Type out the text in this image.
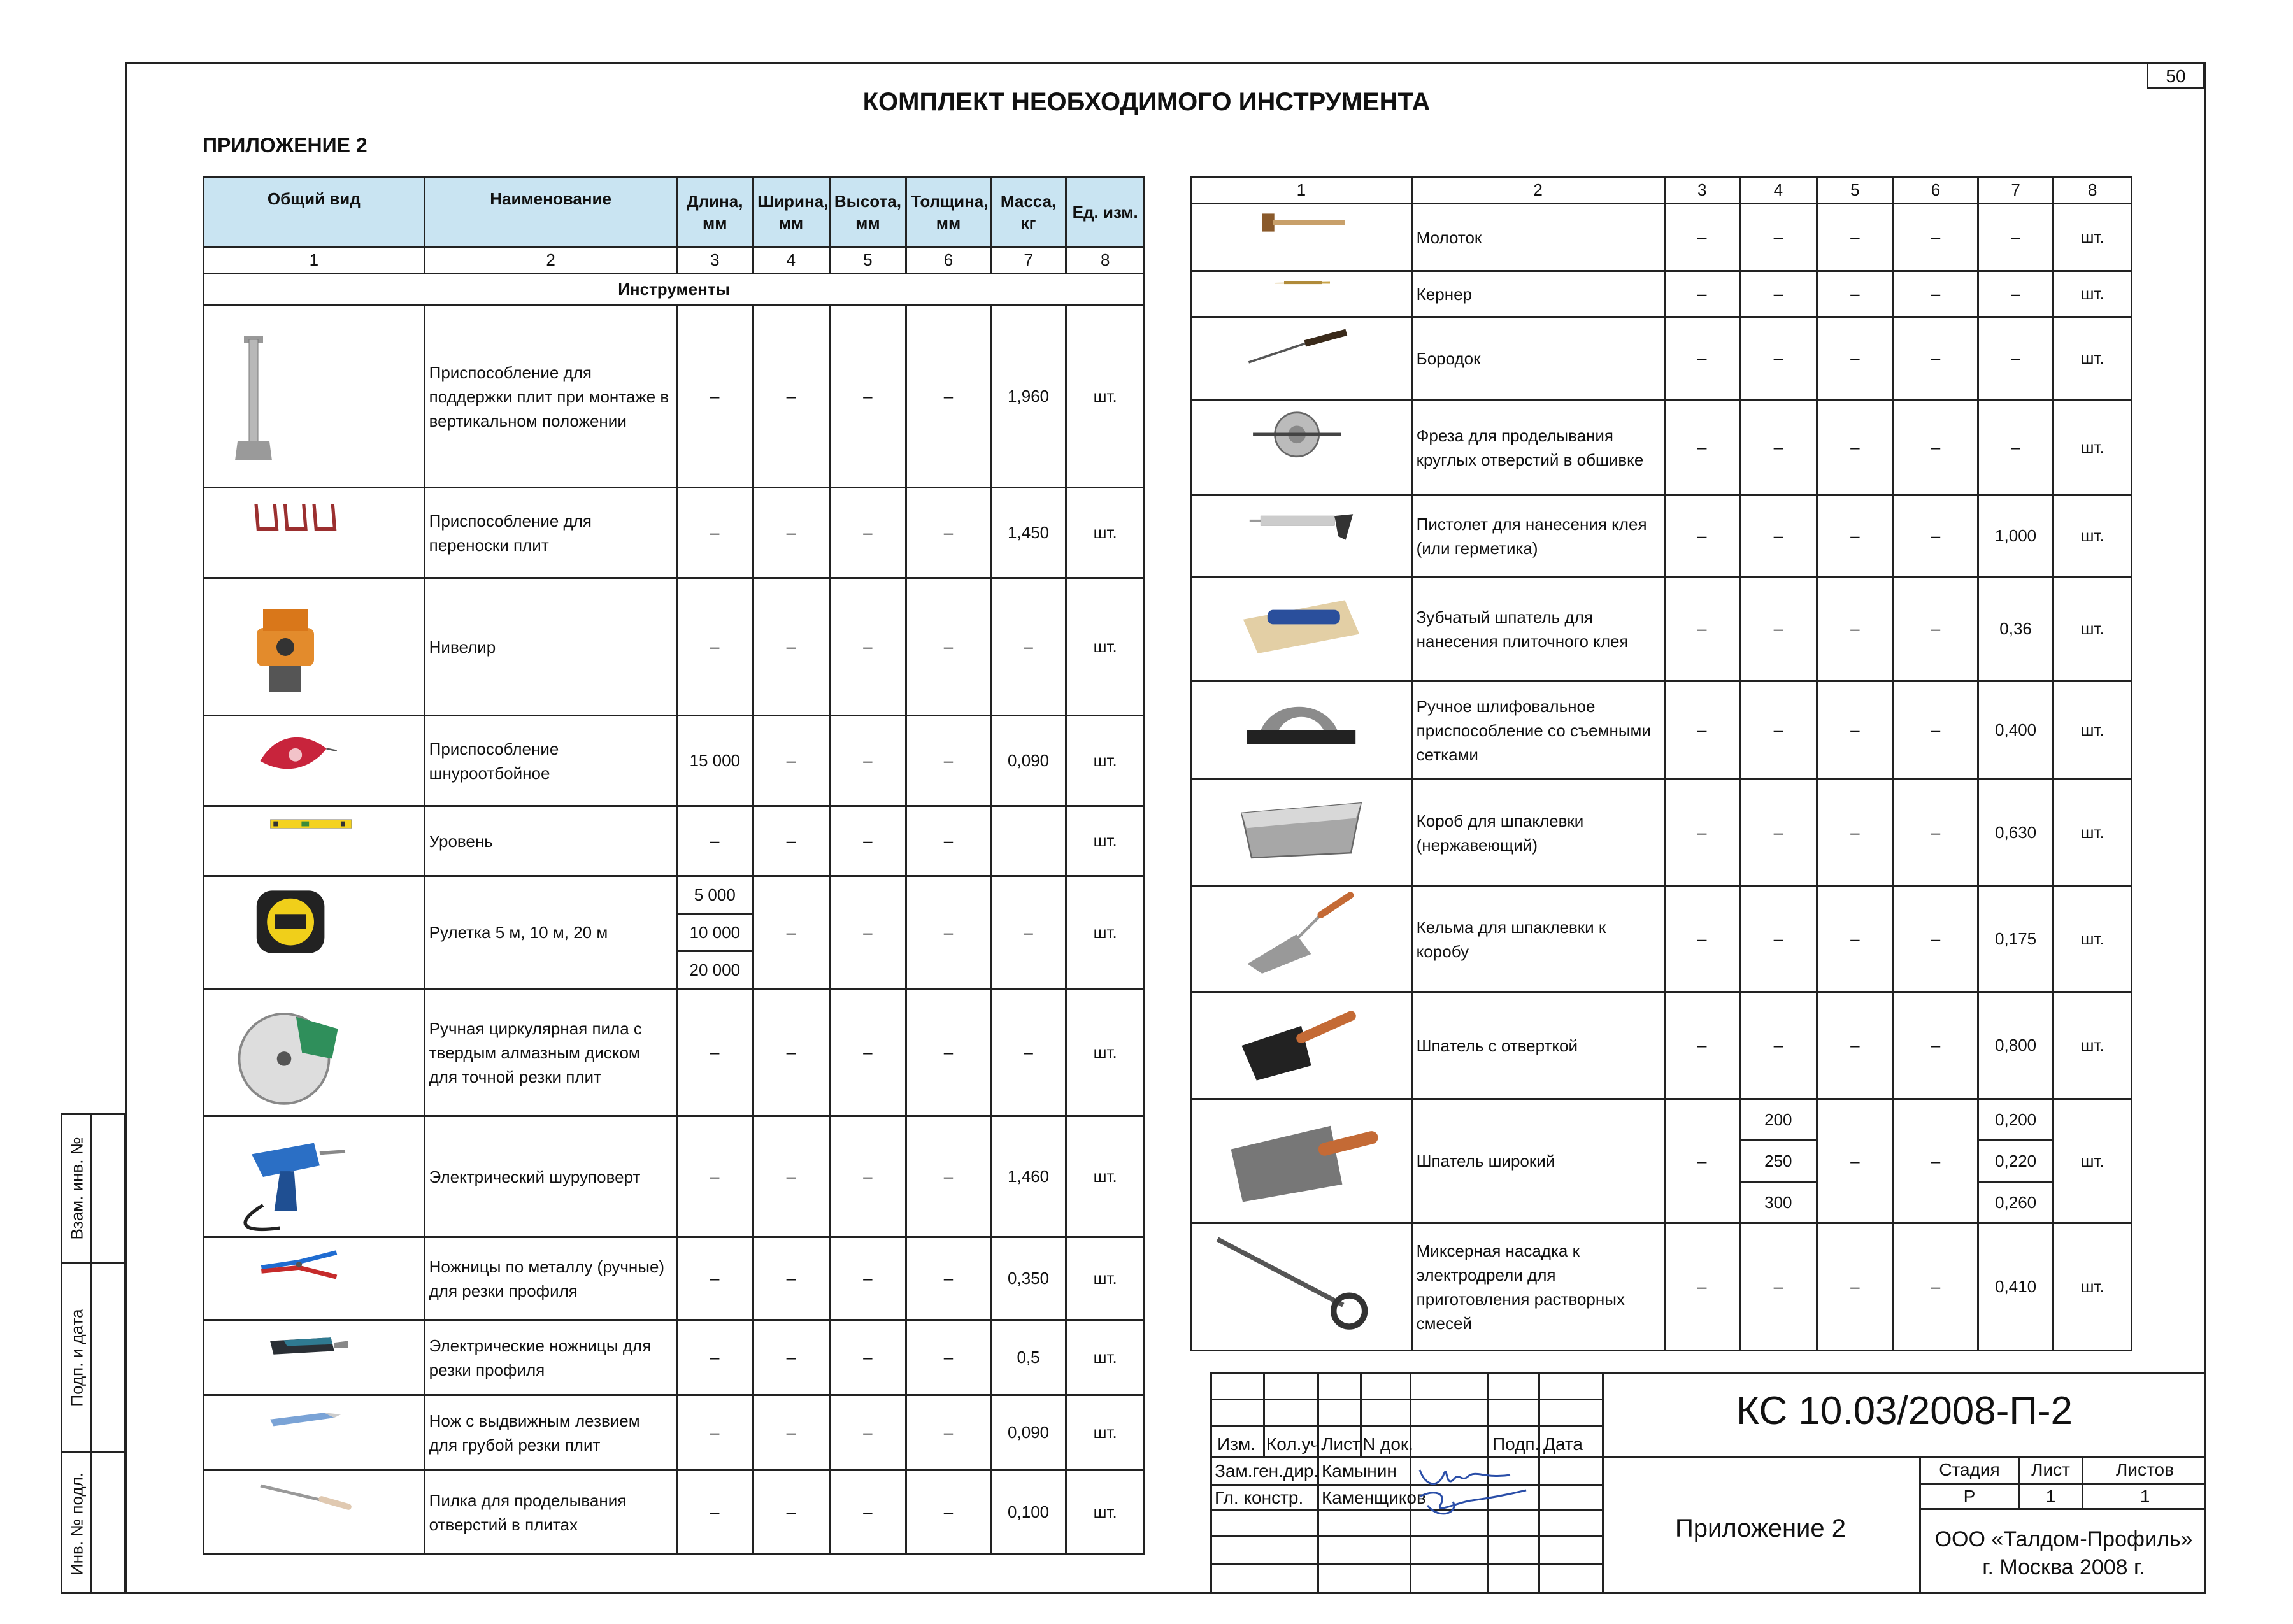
50
КОМПЛЕКТ НЕОБХОДИМОГО ИНСТРУМЕНТА
ПРИЛОЖЕНИЕ 2
Общий вид	Наименование	Длина, мм	Ширина, мм	Высота, мм	Толщина, мм	Масса, кг	Ед. изм.
1	2	3	4	5	6	7	8
Инструменты							

	Приспособление для поддержки плит при монтаже в вертикальном положении	–	–	–	–	1,960	шт.

	Приспособление для переноски плит	–	–	–	–	1,450	шт.

	Нивелир	–	–	–	–	–	шт.

	Приспособление шнуроотбойное	15 000	–	–	–	0,090	шт.

	Уровень	–	–	–	–		шт.

	Рулетка 5 м, 10 м, 20 м	5 000	–	–	–	–	шт.
		10 000					
		20 000					

	Ручная циркулярная пила с твердым алмазным диском для точной резки плит	–	–	–	–	–	шт.

	Электрический шуруповерт	–	–	–	–	1,460	шт.

	Ножницы по металлу (ручные) для резки профиля	–	–	–	–	0,350	шт.

	Электрические ножницы для резки профиля	–	–	–	–	0,5	шт.

	Нож с выдвижным лезвием для грубой резки плит	–	–	–	–	0,090	шт.

	Пилка для проделывания отверстий в плитах	–	–	–	–	0,100	шт.
1	2	3	4	5	6	7	8

	Молоток	–	–	–	–	–	шт.

	Кернер	–	–	–	–	–	шт.

	Бородок	–	–	–	–	–	шт.

	Фреза для проделывания круглых отверстий в обшивке	–	–	–	–	–	шт.

	Пистолет для нанесения клея (или герметика)	–	–	–	–	1,000	шт.

	Зубчатый шпатель для нанесения плиточного клея	–	–	–	–	0,36	шт.

	Ручное шлифовальное приспособление со съемными сетками	–	–	–	–	0,400	шт.

	Короб для шпаклевки (нержавеющий)	–	–	–	–	0,630	шт.

	Кельма для шпаклевки к коробу	–	–	–	–	0,175	шт.

	Шпатель с отверткой	–	–	–	–	0,800	шт.

	Шпатель широкий	–	200	–	–	0,200	шт.
			250			0,220	
			300			0,260	

	Миксерная насадка к электродрели для приготовления растворных смесей	–	–	–	–	0,410	шт.
Взам. инв. №
Подп. и дата
Инв. № подл.
КС 10.03/2008-П-2
Изм. Кол.уч.
Лист N док.	Подп. Дата
Зам.ген.дир. Камынин
Гл. констр. Каменщиков
Приложение 2
Стадия	Лист	Листов
Р	1	1
ООО «Талдом-Профиль»
г. Москва 2008 г.
